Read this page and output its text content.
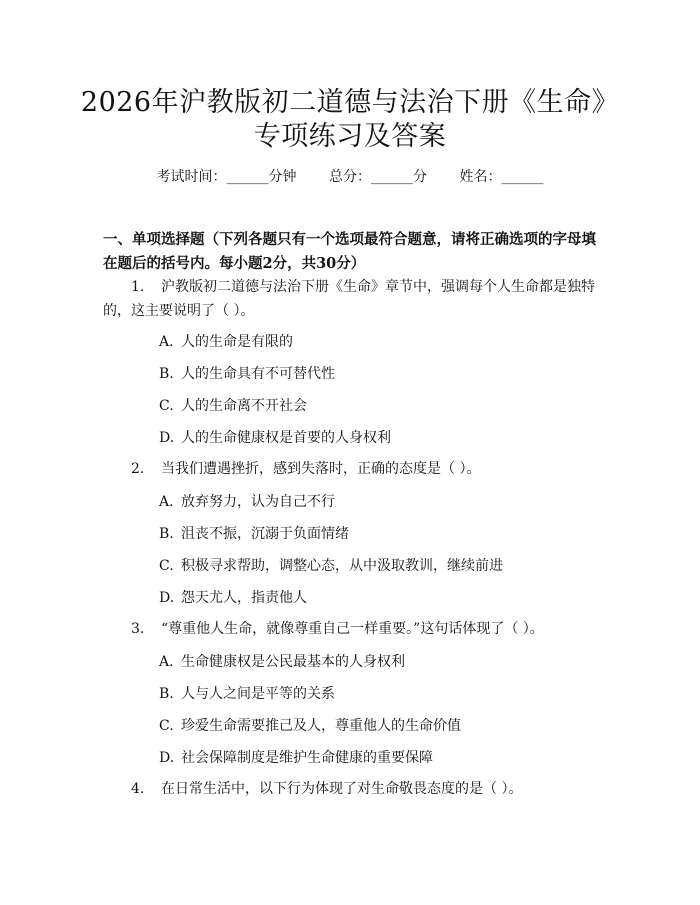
2026年沪教版初二道德与法治下册《生命》
专项练习及答案
考试时间：______分钟 总分：______分 姓名：______
一、单项选择题（下列各题只有一个选项最符合题意，请将正确选项的字母填在题后的括号内。每小题2分，共30分）
1. 沪教版初二道德与法治下册《生命》章节中，强调每个人生命都是独特的，这主要说明了（ ）。
A. 人的生命是有限的
B. 人的生命具有不可替代性
C. 人的生命离不开社会
D. 人的生命健康权是首要的人身权利
2. 当我们遭遇挫折，感到失落时，正确的态度是（ ）。
A. 放弃努力，认为自己不行
B. 沮丧不振，沉溺于负面情绪
C. 积极寻求帮助，调整心态，从中汲取教训，继续前进
D. 怨天尤人，指责他人
3. “尊重他人生命，就像尊重自己一样重要。”这句话体现了（ ）。
A. 生命健康权是公民最基本的人身权利
B. 人与人之间是平等的关系
C. 珍爱生命需要推己及人，尊重他人的生命价值
D. 社会保障制度是维护生命健康的重要保障
4. 在日常生活中，以下行为体现了对生命敬畏态度的是（ ）。
